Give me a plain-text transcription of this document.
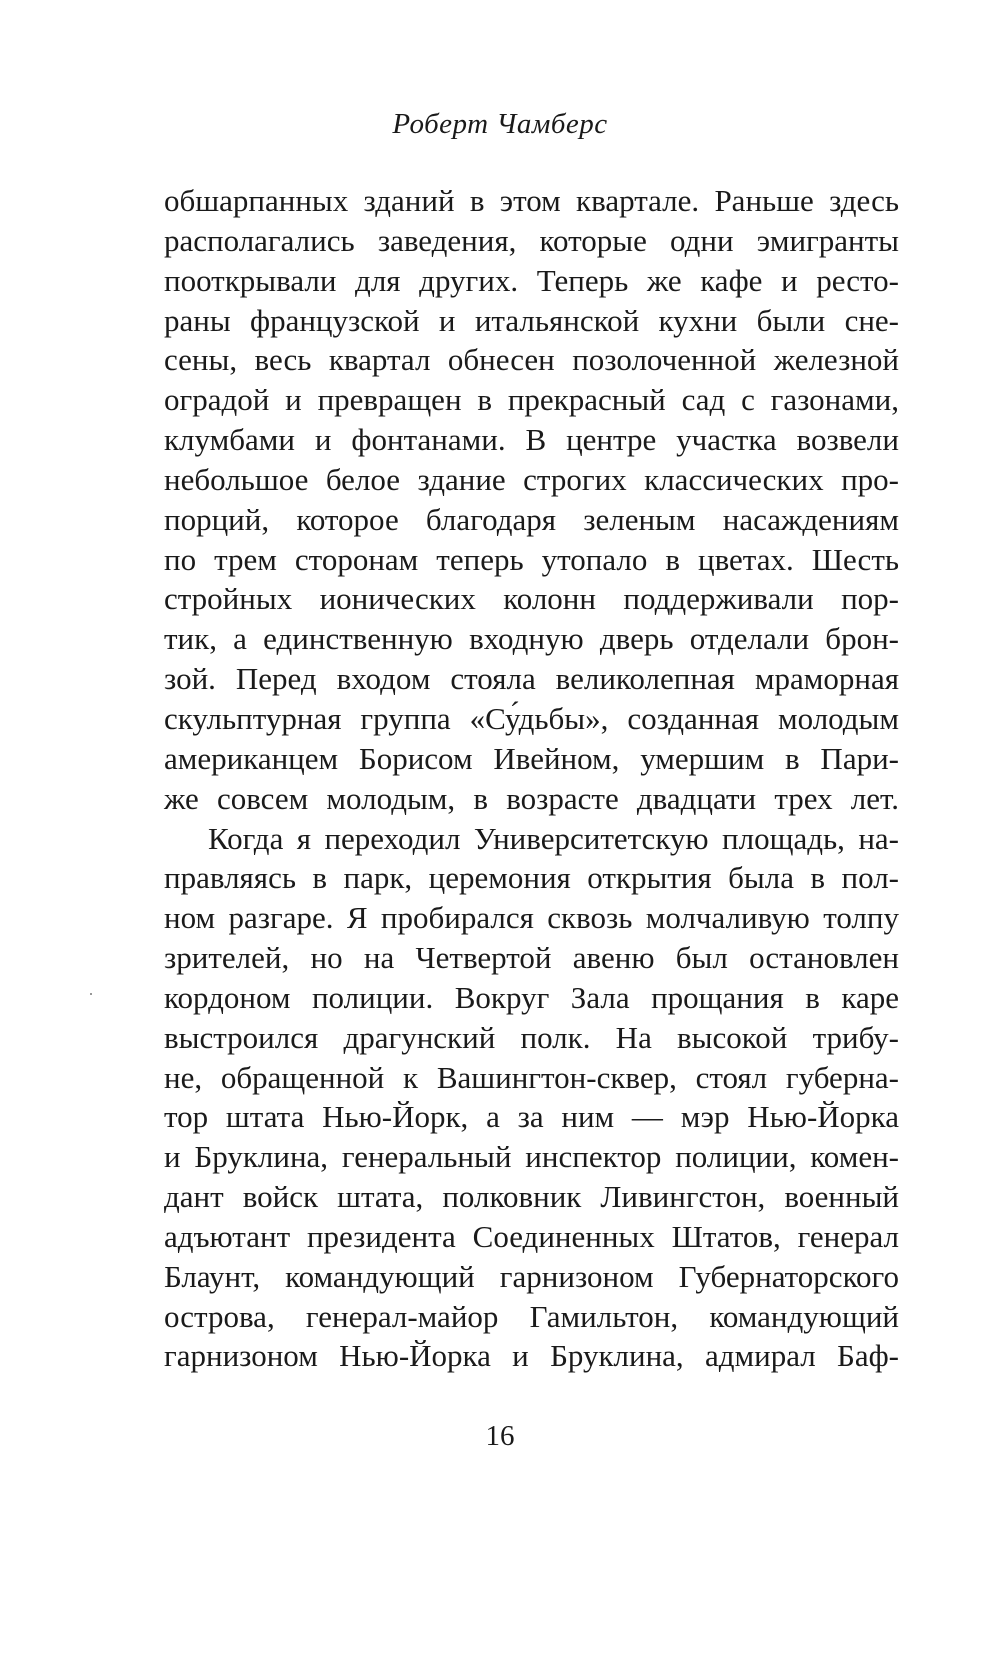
Роберт Чамберс
обшарпанных зданий в этом квартале. Раньше здесь
располагались заведения, которые одни эмигранты
пооткрывали для других. Теперь же кафе и ресто-
раны французской и итальянской кухни были сне-
сены, весь квартал обнесен позолоченной железной
оградой и превращен в прекрасный сад с газонами,
клумбами и фонтанами. В центре участка возвели
небольшое белое здание строгих классических про-
порций, которое благодаря зеленым насаждениям
по трем сторонам теперь утопало в цветах. Шесть
стройных ионических колонн поддерживали пор-
тик, а единственную входную дверь отделали брон-
зой. Перед входом стояла великолепная мраморная
скульптурная группа «Су́дьбы», созданная молодым
американцем Борисом Ивейном, умершим в Пари-
же совсем молодым, в возрасте двадцати трех лет.
Когда я переходил Университетскую площадь, на-
правляясь в парк, церемония открытия была в пол-
ном разгаре. Я пробирался сквозь молчаливую толпу
зрителей, но на Четвертой авеню был остановлен
кордоном полиции. Вокруг Зала прощания в каре
выстроился драгунский полк. На высокой трибу-
не, обращенной к Вашингтон-сквер, стоял губерна-
тор штата Нью-Йорк, а за ним — мэр Нью-Йорка
и Бруклина, генеральный инспектор полиции, комен-
дант войск штата, полковник Ливингстон, военный
адъютант президента Соединенных Штатов, генерал
Блаунт, командующий гарнизоном Губернаторского
острова, генерал-майор Гамильтон, командующий
гарнизоном Нью-Йорка и Бруклина, адмирал Баф-
16
